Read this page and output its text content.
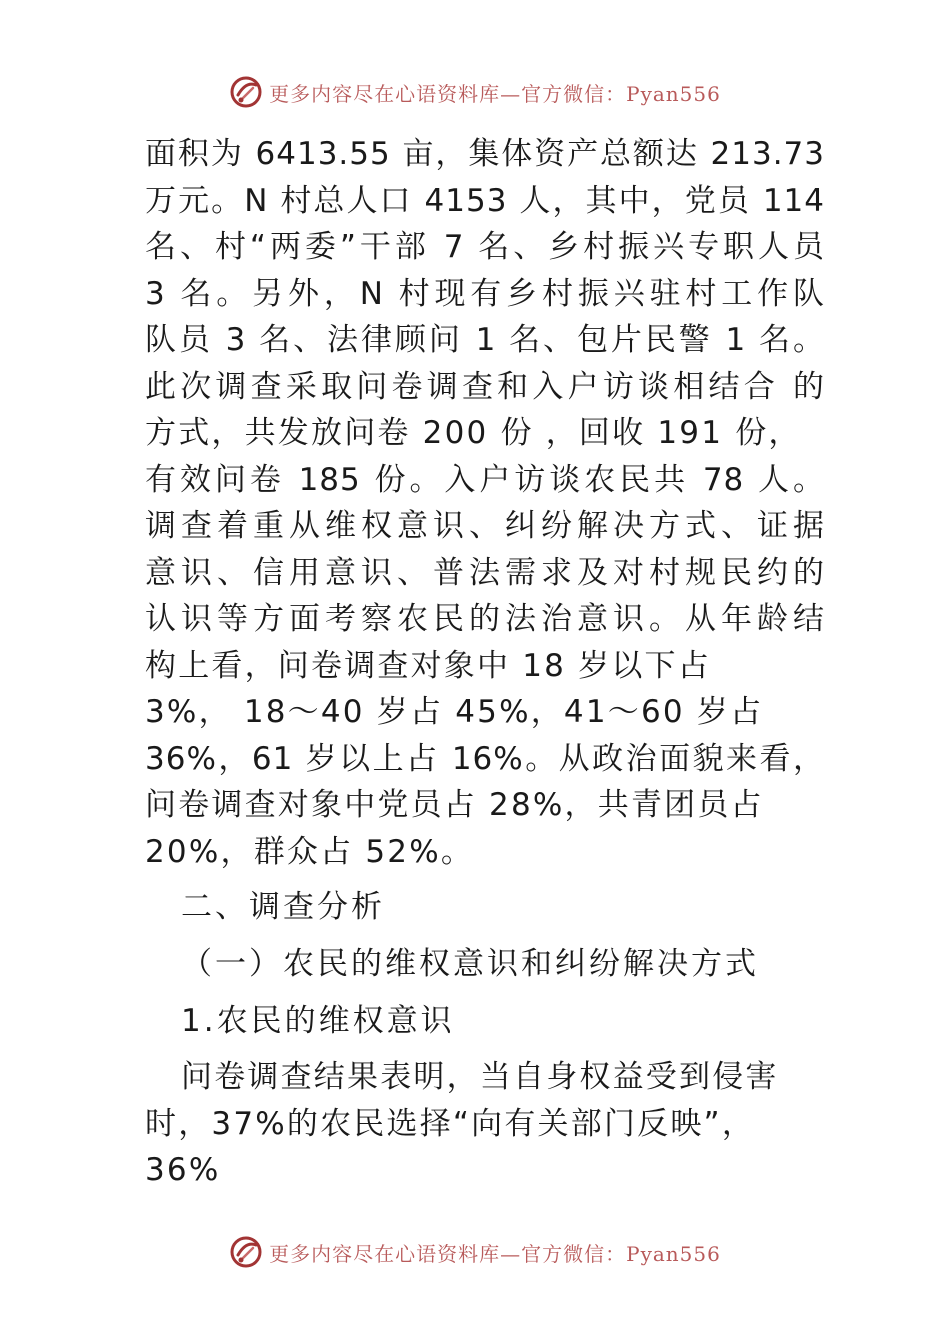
更多内容尽在心语资料库—官方微信：Pyan556
面积为 6413.55 亩，集体资产总额达 213.73
万元。N 村总人口 4153 人，其中，党员 114
名、村“两委”干部 7 名、乡村振兴专职人员
3 名。另外，N 村现有乡村振兴驻村工作队
队员 3 名、法律顾问 1 名、包片民警 1 名。
此次调查采取问卷调查和入户访谈相结合 的
方式，共发放问卷 200 份 ，回收 191 份，
有效问卷 185 份。入户访谈农民共 78 人。
调查着重从维权意识、纠纷解决方式、证据
意识、信用意识、普法需求及对村规民约的
认识等方面考察农民的法治意识。从年龄结
构上看，问卷调查对象中 18 岁以下占
3%， 18～40 岁占 45%，41～60 岁占
36%，61 岁以上占 16%。从政治面貌来看，
问卷调查对象中党员占 28%，共青团员占
20%，群众占 52%。
二、调查分析
（一）农民的维权意识和纠纷解决方式
1.农民的维权意识
问卷调查结果表明，当自身权益受到侵害
时，37%的农民选择“向有关部门反映”，
36%
更多内容尽在心语资料库—官方微信：Pyan556
